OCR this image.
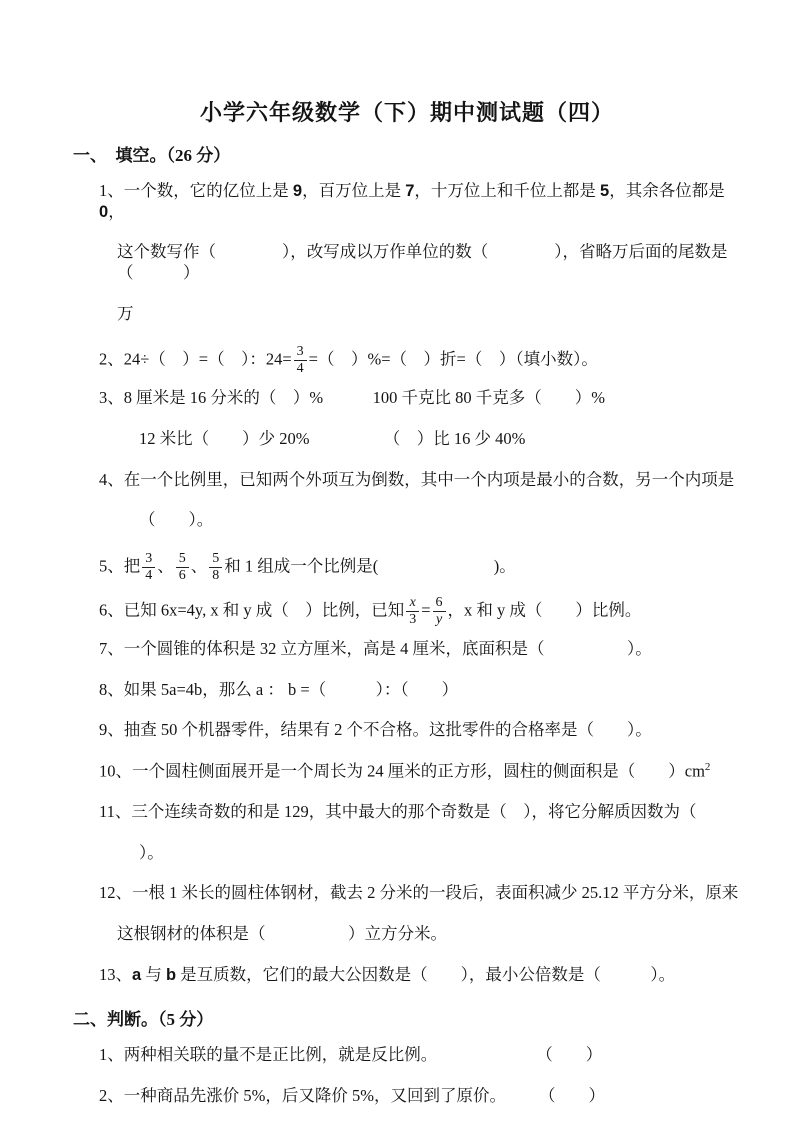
小学六年级数学（下）期中测试题（四）
一、　填空。（26 分）
1、一个数，它的亿位上是 9，百万位上是 7，十万位上和千位上都是 5，其余各位都是 0，
这个数写作（　　　　），改写成以万作单位的数（　　　　），省略万后面的尾数是（　　　）
万
2、24÷（　）=（　）：$24= \frac{3}{4}$ =（　）%=（　）折=（　）（填小数）。
3、8 厘米是 16 分米的（　）%　　　100 千克比 80 千克多（　　）%
12 米比（　　）少 20%　　　　　（　）比 16 少 40%
4、在一个比例里，已知两个外项互为倒数，其中一个内项是最小的合数，另一个内项是
（　　）。
5、把 $\frac{3}{4}$ 、 $\frac{5}{6}$ 、 $\frac{5}{8}$ 和 1 组成一个比例是(　　　　　　　)。
6、已知 6x=4y, x 和 y 成（　）比例，已知 $\frac{x}{3} = \frac{6}{y}$ ，x 和 y 成（　　）比例。
7、一个圆锥的体积是 32 立方厘米，高是 4 厘米，底面积是（　　　　　）。
8、如果 5a=4b，那么 a ： b =（　　　）：（　　）
9、抽查 50 个机器零件，结果有 2 个不合格。这批零件的合格率是（　　）。
10、一个圆柱侧面展开是一个周长为 24 厘米的正方形，圆柱的侧面积是（　　）$cm^2$
11、三个连续奇数的和是 129，其中最大的那个奇数是（　），将它分解质因数为（
）。
12、一根 1 米长的圆柱体钢材，截去 2 分米的一段后，表面积减少 25.12 平方分米，原来
这根钢材的体积是（　　　　　）立方分米。
13、a 与 b 是互质数，它们的最大公因数是（　　），最小公倍数是（　　　）。
二、判断。（5 分）
1、两种相关联的量不是正比例，就是反比例。　　　　　　　（　　）
2、一种商品先涨价 5%，后又降价 5%，又回到了原价。　　　（　　）
